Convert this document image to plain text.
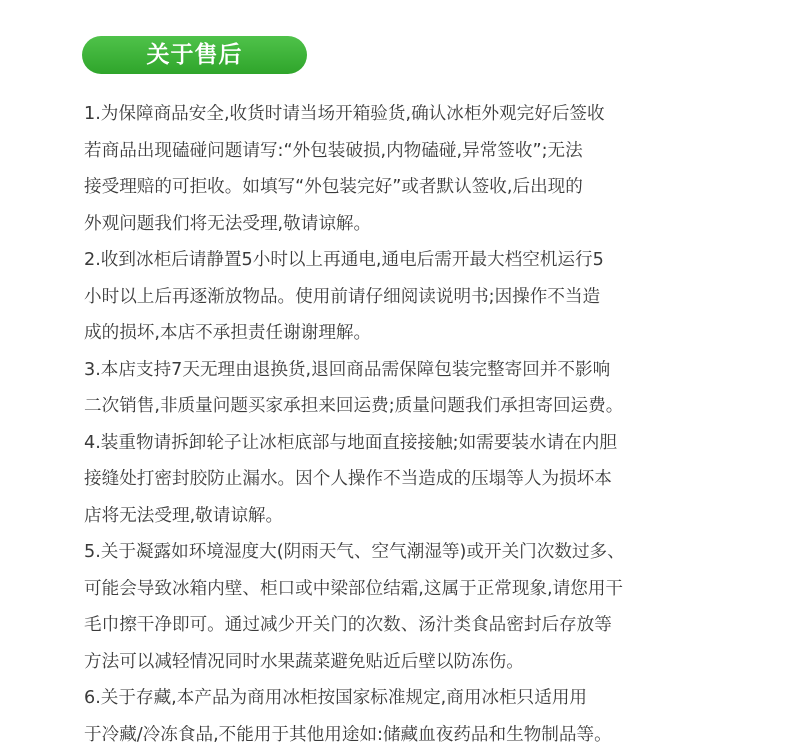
关于售后
1.为保障商品安全,收货时请当场开箱验货,确认冰柜外观完好后签收
若商品出现磕碰问题请写:“外包装破损,内物磕碰,异常签收”;无法
接受理赔的可拒收。如填写“外包装完好”或者默认签收,后出现的
外观问题我们将无法受理,敬请谅解。
2.收到冰柜后请静置5小时以上再通电,通电后需开最大档空机运行5
小时以上后再逐渐放物品。使用前请仔细阅读说明书;因操作不当造
成的损坏,本店不承担责任谢谢理解。
3.本店支持7天无理由退换货,退回商品需保障包装完整寄回并不影响
二次销售,非质量问题买家承担来回运费;质量问题我们承担寄回运费。
4.装重物请拆卸轮子让冰柜底部与地面直接接触;如需要装水请在内胆
接缝处打密封胶防止漏水。因个人操作不当造成的压塌等人为损坏本
店将无法受理,敬请谅解。
5.关于凝露如环境湿度大(阴雨天气、空气潮湿等)或开关门次数过多、
可能会导致冰箱内壁、柜口或中梁部位结霜,这属于正常现象,请您用干
毛巾擦干净即可。通过减少开关门的次数、汤汁类食品密封后存放等
方法可以减轻情况同时水果蔬菜避免贴近后壁以防冻伤。
6.关于存藏,本产品为商用冰柜按国家标准规定,商用冰柜只适用用
于冷藏/冷冻食品,不能用于其他用途如:储藏血夜药品和生物制品等。
